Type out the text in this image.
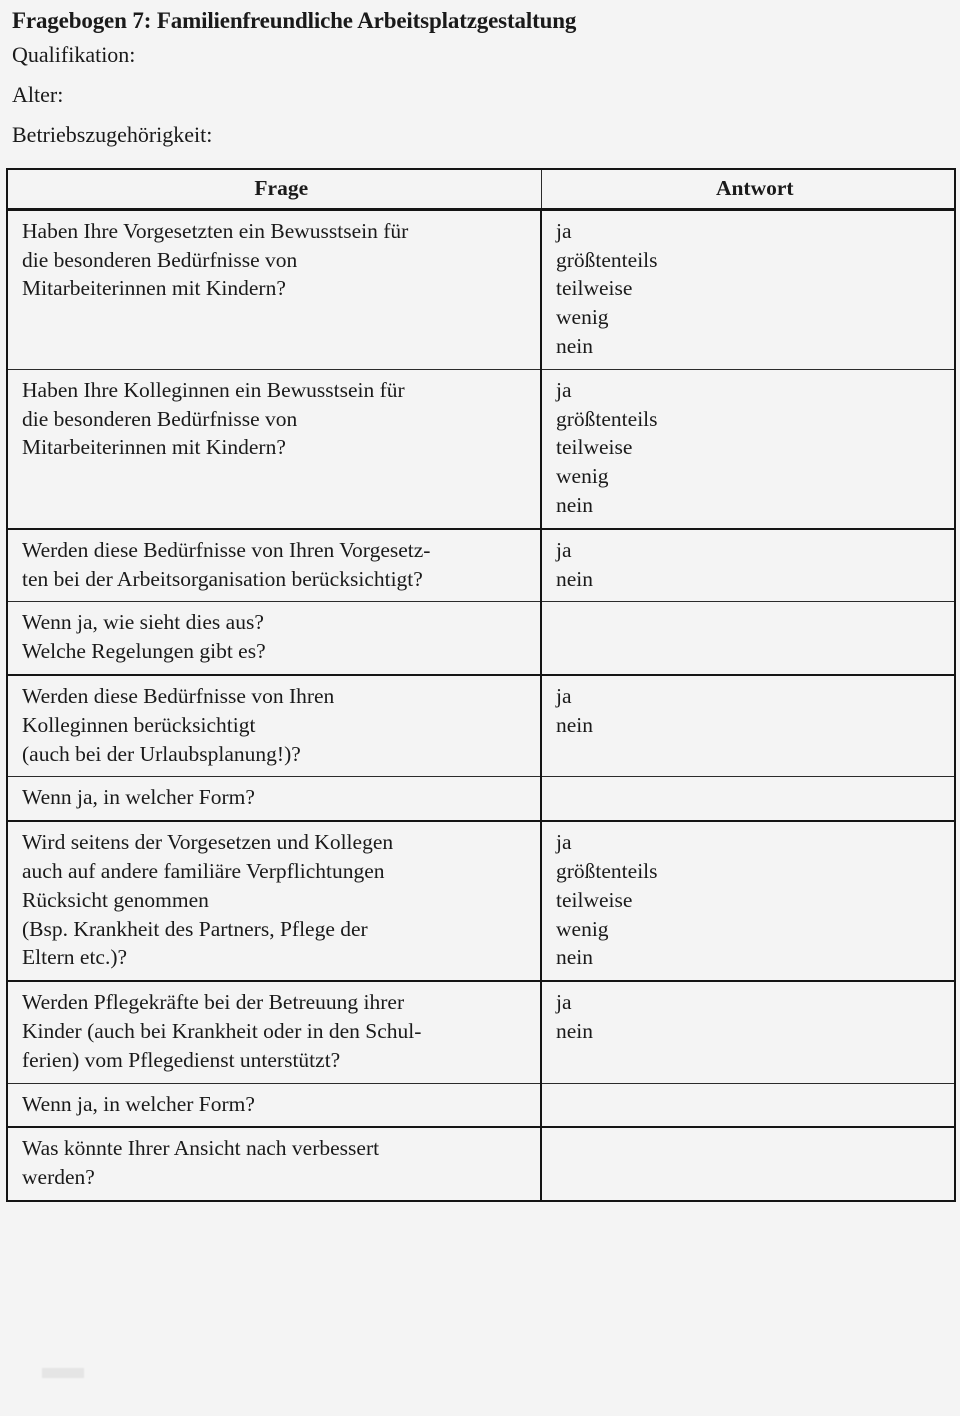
Fragebogen 7: Familienfreundliche Arbeitsplatzgestaltung
Qualifikation:
Alter:
Betriebszugehörigkeit:
Frage	Antwort

Haben Ihre Vorgesetzten ein Bewusstsein für
die besonderen Bedürfnisse von
Mitarbeiterinnen mit Kindern?	ja
größtenteils
teilweise
wenig
nein

Haben Ihre Kolleginnen ein Bewusstsein für
die besonderen Bedürfnisse von
Mitarbeiterinnen mit Kindern?	ja
größtenteils
teilweise
wenig
nein

Werden diese Bedürfnisse von Ihren Vorgesetz-
ten bei der Arbeitsorganisation berücksichtigt?	ja
nein

Wenn ja, wie sieht dies aus?
Welche Regelungen gibt es?	

Werden diese Bedürfnisse von Ihren
Kolleginnen berücksichtigt
(auch bei der Urlaubsplanung!)?	ja
nein

Wenn ja, in welcher Form?	

Wird seitens der Vorgesetzen und Kollegen
auch auf andere familiäre Verpflichtungen
Rücksicht genommen
(Bsp. Krankheit des Partners, Pflege der
Eltern etc.)?	ja
größtenteils
teilweise
wenig
nein

Werden Pflegekräfte bei der Betreuung ihrer
Kinder (auch bei Krankheit oder in den Schul-
ferien) vom Pflegedienst unterstützt?	ja
nein

Wenn ja, in welcher Form?	

Was könnte Ihrer Ansicht nach verbessert
werden?	
